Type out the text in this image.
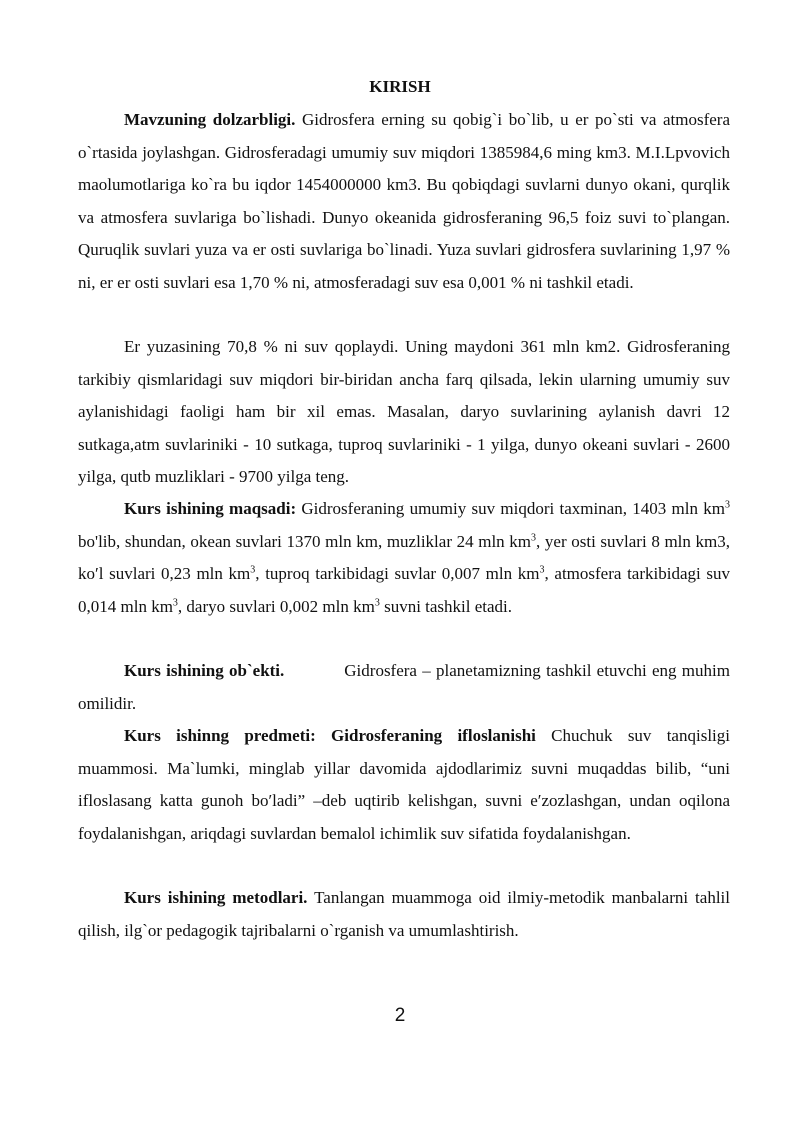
KIRISH

Mavzuning dolzarbligi. Gidrosfera erning su qobig`i bo`lib, u er po`sti va atmosfera o`rtasida joylashgan. Gidrosferadagi umumiy suv miqdori 1385984,6 ming km3. M.I.Lpvovich maolumotlariga ko`ra bu iqdor 1454000000 km3. Bu qobiqdagi suvlarni dunyo okani, qurqlik va atmosfera suvlariga bo`lishadi. Dunyo okeanida gidrosferaning 96,5 foiz suvi to`plangan. Quruqlik suvlari yuza va er osti suvlariga bo`linadi. Yuza suvlari gidrosfera suvlarining 1,97 % ni, er er osti suvlari esa 1,70 % ni, atmosferadagi suv esa 0,001 % ni tashkil etadi.

Er yuzasining 70,8 % ni suv qoplaydi. Uning maydoni 361 mln km2. Gidrosferaning tarkibiy qismlaridagi suv miqdori bir-biridan ancha farq qilsada, lekin ularning umumiy suv aylanishidagi faoligi ham bir xil emas. Masalan, daryo suvlarining aylanish davri 12 sutkaga,atm suvlariniki - 10 sutkaga, tuproq suvlariniki - 1 yilga, dunyo okeani suvlari - 2600 yilga, qutb muzliklari - 9700 yilga teng.

Kurs ishining maqsadi: Gidrosferaning umumiy suv miqdori taxminan, 1403 mln $km^3$ bo'lib, shundan, okean suvlari 1370 mln km, muzliklar 24 mln $km^3$, yer osti suvlari 8 mln km3, ko′l suvlari 0,23 mln $km^3$, tuproq tarkibidagi suvlar 0,007 mln $km^3$, atmosfera tarkibidagi suv 0,014 mln $km^3$, daryo suvlari 0,002 mln $km^3$ suvni tashkil etadi.

Kurs ishining ob`ekti.	Gidrosfera – planetamizning tashkil etuvchi eng muhim omilidir.

Kurs ishinng predmeti: Gidrosferaning ifloslanishi Chuchuk suv tanqisligi muammosi. Ma`lumki, minglab yillar davomida ajdodlarimiz suvni muqaddas bilib, “uni ifloslasang katta gunoh bo′ladi” –deb uqtirib kelishgan, suvni e′zozlashgan, undan oqilona foydalanishgan, ariqdagi suvlardan bemalol ichimlik suv sifatida foydalanishgan.

Kurs ishining metodlari. Tanlangan muammoga oid ilmiy-metodik manbalarni tahlil qilish, ilg`or pedagogik tajribalarni o`rganish va umumlashtirish.

2
